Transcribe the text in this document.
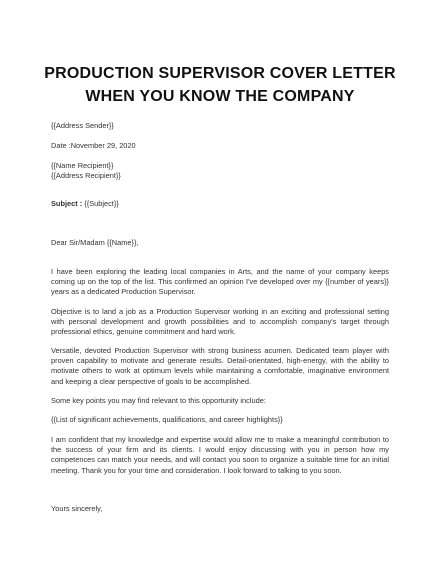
PRODUCTION SUPERVISOR COVER LETTER
WHEN YOU KNOW THE COMPANY

{{Address Sender}}

Date :November 29, 2020

{{Name Recipient}}

{{Address Recipient}}

Subject : {{Subject}}

Dear Sir/Madam {{Name}},

I have been exploring the leading local companies in Arts, and the name of your company keeps coming up on the top of the list. This confirmed an opinion I've developed over my {{number of years}} years as a dedicated Production Supervisor.

Objective is to land a job as a Production Supervisor working in an exciting and professional setting with personal development and growth possibilities and to accomplish company's target through professional ethics, genuine commitment and hard work.

Versatile, devoted Production Supervisor with strong business acumen. Dedicated team player with proven capability to motivate and generate results. Detail-orientated, high-energy, with the ability to motivate others to work at optimum levels while maintaining a comfortable, imaginative environment and keeping a clear perspective of goals to be accomplished.

Some key points you may find relevant to this opportunity include:

{{List of significant achievements, qualifications, and career highlights}}

I am confident that my knowledge and expertise would allow me to make a meaningful contribution to the success of your firm and its clients. I would enjoy discussing with you in person how my competences can match your needs, and will contact you soon to organize a suitable time for an initial meeting. Thank you for your time and consideration. I look forward to talking to you soon.

Yours sincerely,
